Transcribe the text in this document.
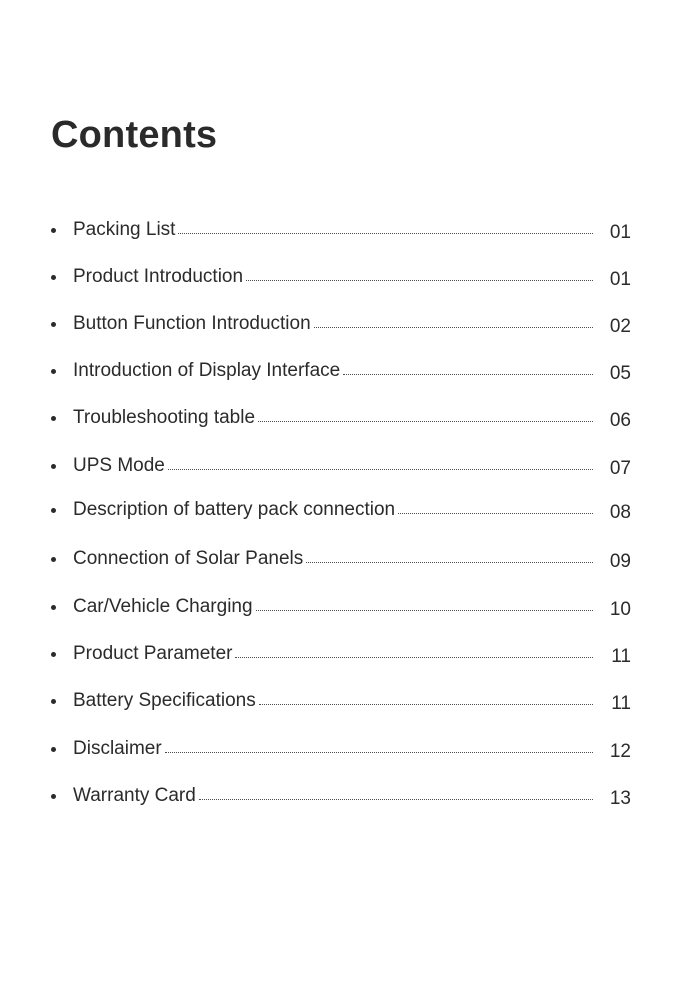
Contents
Packing List	01
Product Introduction	01
Button Function Introduction	02
Introduction of Display Interface	05
Troubleshooting table	06
UPS Mode	07
Description of battery pack connection	08
Connection of Solar Panels	09
Car/Vehicle Charging	10
Product Parameter	11
Battery Specifications	11
Disclaimer	12
Warranty Card	13
